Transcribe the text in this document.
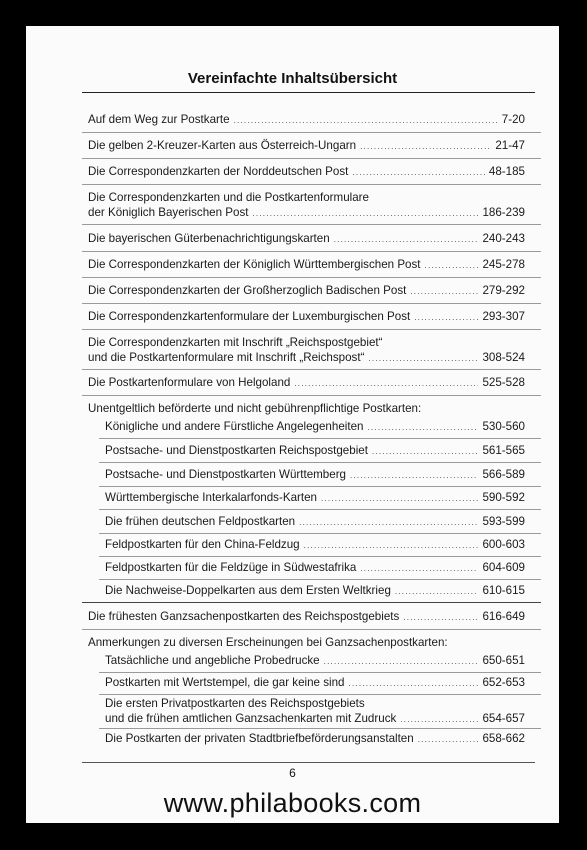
Vereinfachte Inhaltsübersicht
Auf dem Weg zur Postkarte . . .	7-20
Die gelben 2-Kreuzer-Karten aus Österreich-Ungarn . . .	21-47
Die Correspondenzkarten der Norddeutschen Post . . .	48-185
Die Correspondenzkarten und die Postkartenformulare
der Königlich Bayerischen Post . . .	186-239
Die bayerischen Güterbenachrichtigungskarten . . .	240-243
Die Correspondenzkarten der Königlich Württembergischen Post . . .	245-278
Die Correspondenzkarten der Großherzoglich Badischen Post . . .	279-292
Die Correspondenzkartenformulare der Luxemburgischen Post . . .	293-307
Die Correspondenzkarten mit Inschrift „Reichspostgebiet“
und die Postkartenformulare mit Inschrift „Reichspost“ . . .	308-524
Die Postkartenformulare von Helgoland . . .	525-528
Unentgeltlich beförderte und nicht gebührenpflichtige Postkarten:
Königliche und andere Fürstliche Angelegenheiten . . .	530-560
Postsache- und Dienstpostkarten Reichspostgebiet . . .	561-565
Postsache- und Dienstpostkarten Württemberg . . .	566-589
Württembergische Interkalarfonds-Karten . . .	590-592
Die frühen deutschen Feldpostkarten . . .	593-599
Feldpostkarten für den China-Feldzug . . .	600-603
Feldpostkarten für die Feldzüge in Südwestafrika . . .	604-609
Die Nachweise-Doppelkarten aus dem Ersten Weltkrieg . . .	610-615
Die frühesten Ganzsachenpostkarten des Reichspostgebiets . . .	616-649
Anmerkungen zu diversen Erscheinungen bei Ganzsachenpostkarten:
Tatsächliche und angebliche Probedrucke . . .	650-651
Postkarten mit Wertstempel, die gar keine sind . . .	652-653
Die ersten Privatpostkarten des Reichspostgebiets
und die frühen amtlichen Ganzsachenkarten mit Zudruck . . .	654-657
Die Postkarten der privaten Stadtbriefbeförderungsanstalten . . .	658-662
6
www.philabooks.com
